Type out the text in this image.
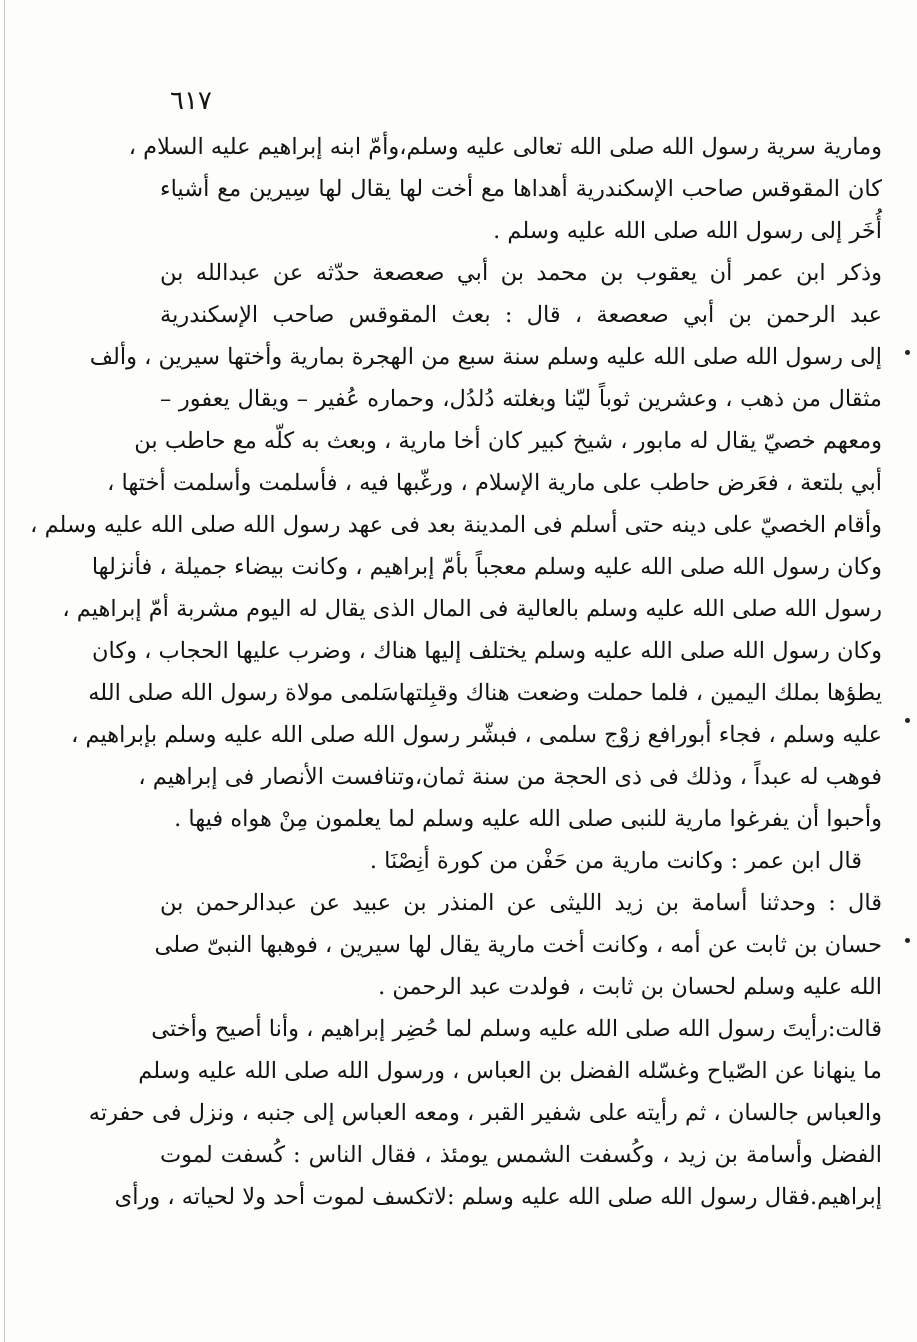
٦١٧
ومارية سرية رسول الله صلى الله تعالى عليه وسلم،وأمّ ابنه إبراهيم عليه السلام ،
كان المقوقس صاحب الإسكندرية أهداها مع أخت لها يقال لها سِيرين مع أشياء
أُخَر إلى رسول الله صلى الله عليه وسلم .
وذكر ابن عمر أن يعقوب بن محمد بن أبي صعصعة حدّثه عن عبدالله بن
عبد الرحمن بن أبي صعصعة ، قال : بعث المقوقس صاحب الإسكندرية
إلى رسول الله صلى الله عليه وسلم سنة سبع من الهجرة بمارية وأختها سيرين ، وألف
مثقال من ذهب ، وعشرين ثوباً ليّنا وبغلته دُلدُل، وحماره عُفير – ويقال يعفور –
ومعهم خصيّ يقال له مابور ، شيخ كبير كان أخا مارية ، وبعث به كلّه مع حاطب بن
أبي بلتعة ، فعَرض حاطب على مارية الإسلام ، ورغّبها فيه ، فأسلمت وأسلمت أختها ،
وأقام الخصيّ على دينه حتى أسلم فى المدينة بعد فى عهد رسول الله صلى الله عليه وسلم ،
وكان رسول الله صلى الله عليه وسلم معجباً بأمّ إبراهيم ، وكانت بيضاء جميلة ، فأنزلها
رسول الله صلى الله عليه وسلم بالعالية فى المال الذى يقال له اليوم مشربة أمّ إبراهيم ،
وكان رسول الله صلى الله عليه وسلم يختلف إليها هناك ، وضرب عليها الحجاب ، وكان
يطؤها بملك اليمين ، فلما حملت وضعت هناك وقبِلتهاسَلمى مولاة رسول الله صلى الله
عليه وسلم ، فجاء أبورافع زوْج سلمى ، فبشّر رسول الله صلى الله عليه وسلم بإبراهيم ،
فوهب له عبداً ، وذلك فى ذى الحجة من سنة ثمان،وتنافست الأنصار فى إبراهيم ،
وأحبوا أن يفرغوا مارية للنبى صلى الله عليه وسلم لما يعلمون مِنْ هواه فيها .
قال ابن عمر : وكانت مارية من حَفْن من كورة أنِصْنَا .
قال : وحدثنا أسامة بن زيد الليثى عن المنذر بن عبيد عن عبدالرحمن بن
حسان بن ثابت عن أمه ، وكانت أخت مارية يقال لها سيرين ، فوهبها النبىّ صلى
الله عليه وسلم لحسان بن ثابت ، فولدت عبد الرحمن .
قالت:رأيتَ رسول الله صلى الله عليه وسلم لما حُضِر إبراهيم ، وأنا أصيح وأختى
ما ينهانا عن الصّياح وغسّله الفضل بن العباس ، ورسول الله صلى الله عليه وسلم
والعباس جالسان ، ثم رأيته على شفير القبر ، ومعه العباس إلى جنبه ، ونزل فى حفرته
الفضل وأسامة بن زيد ، وكُسفت الشمس يومئذ ، فقال الناس : كُسفت لموت
إبراهيم.فقال رسول الله صلى الله عليه وسلم :لاتكسف لموت أحد ولا لحياته ، ورأى
